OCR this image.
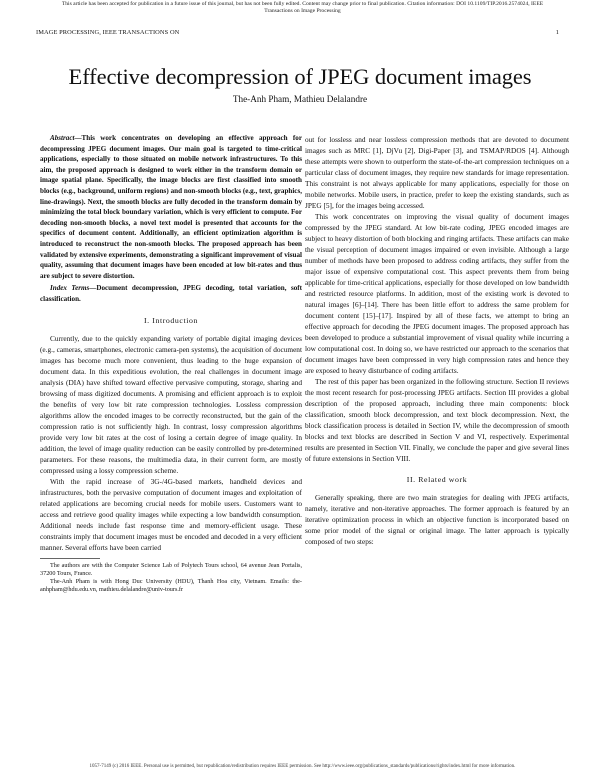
This article has been accepted for publication in a future issue of this journal, but has not been fully edited. Content may change prior to final publication. Citation information: DOI 10.1109/TIP.2016.2574024, IEEE
Transactions on Image Processing
IMAGE PROCESSING, IEEE TRANSACTIONS ON	1
Effective decompression of JPEG document images
The-Anh Pham, Mathieu Delalandre

Abstract—This work concentrates on developing an effective approach for decompressing JPEG document images. Our main goal is targeted to time-critical applications, especially to those situated on mobile network infrastructures. To this aim, the proposed approach is designed to work either in the transform domain or image spatial plane. Specifically, the image blocks are first classified into smooth blocks (e.g., background, uniform regions) and non-smooth blocks (e.g., text, graphics, line-drawings). Next, the smooth blocks are fully decoded in the transform domain by minimizing the total block boundary variation, which is very efficient to compute. For decoding non-smooth blocks, a novel text model is presented that accounts for the specifics of document content. Additionally, an efficient optimization algorithm is introduced to reconstruct the non-smooth blocks. The proposed approach has been validated by extensive experiments, demonstrating a significant improvement of visual quality, assuming that document images have been encoded at low bit-rates and thus are subject to severe distortion.

Index Terms—Document decompression, JPEG decoding, total variation, soft classification.

I. Introduction

Currently, due to the quickly expanding variety of portable digital imaging devices (e.g., cameras, smartphones, electronic camera-pen systems), the acquisition of document images has become much more convenient, thus leading to the huge expansion of document data. In this expeditious evolution, the real challenges in document image analysis (DIA) have shifted toward effective pervasive computing, storage, sharing and browsing of mass digitized documents. A promising and efficient approach is to exploit the benefits of very low bit rate compression technologies. Lossless compression algorithms allow the encoded images to be correctly reconstructed, but the gain of the compression ratio is not sufficiently high. In contrast, lossy compression algorithms provide very low bit rates at the cost of losing a certain degree of image quality. In addition, the level of image quality reduction can be easily controlled by pre-determined parameters. For these reasons, the multimedia data, in their current form, are mostly compressed using a lossy compression scheme.

With the rapid increase of 3G-/4G-based markets, handheld devices and infrastructures, both the pervasive computation of document images and exploitation of related applications are becoming crucial needs for mobile users. Customers want to access and retrieve good quality images while expecting a low bandwidth consumption. Additional needs include fast response time and memory-efficient usage. These constraints imply that document images must be encoded and decoded in a very efficient manner. Several efforts have been carried

The authors are with the Computer Science Lab of Polytech Tours school, 64 avenue Jean Portalis, 37200 Tours, France.

The-Anh Pham is with Hong Duc University (HDU), Thanh Hoa city, Vietnam. Emails: the-anhpham@hdu.edu.vn, mathieu.delalandre@univ-tours.fr

out for lossless and near lossless compression methods that are devoted to document images such as MRC [1], DjVu [2], Digi-Paper [3], and TSMAP/RDOS [4]. Although these attempts were shown to outperform the state-of-the-art compression techniques on a particular class of document images, they require new standards for image representation. This constraint is not always applicable for many applications, especially for those on mobile networks. Mobile users, in practice, prefer to keep the existing standards, such as JPEG [5], for the images being accessed.

This work concentrates on improving the visual quality of document images compressed by the JPEG standard. At low bit-rate coding, JPEG encoded images are subject to heavy distortion of both blocking and ringing artifacts. These artifacts can make the visual perception of document images impaired or even invisible. Although a large number of methods have been proposed to address coding artifacts, they suffer from the major issue of expensive computational cost. This aspect prevents them from being applicable for time-critical applications, especially for those developed on low bandwidth and restricted resource platforms. In addition, most of the existing work is devoted to natural images [6]–[14]. There has been little effort to address the same problem for document content [15]–[17]. Inspired by all of these facts, we attempt to bring an effective approach for decoding the JPEG document images. The proposed approach has been developed to produce a substantial improvement of visual quality while incurring a low computational cost. In doing so, we have restricted our approach to the scenarios that document images have been compressed in very high compression rates and hence they are exposed to heavy disturbance of coding artifacts.

The rest of this paper has been organized in the following structure. Section II reviews the most recent research for post-processing JPEG artifacts. Section III provides a global description of the proposed approach, including three main components: block classification, smooth block decompression, and text block decompression. Next, the block classification process is detailed in Section IV, while the decompression of smooth blocks and text blocks are described in Section V and VI, respectively. Experimental results are presented in Section VII. Finally, we conclude the paper and give several lines of future extensions in Section VIII.

II. Related work

Generally speaking, there are two main strategies for dealing with JPEG artifacts, namely, iterative and non-iterative approaches. The former approach is featured by an iterative optimization process in which an objective function is incorporated based on some prior model of the signal or original image. The latter approach is typically composed of two steps:

1057-7149 (c) 2016 IEEE. Personal use is permitted, but republication/redistribution requires IEEE permission. See http://www.ieee.org/publications_standards/publications/rights/index.html for more information.
